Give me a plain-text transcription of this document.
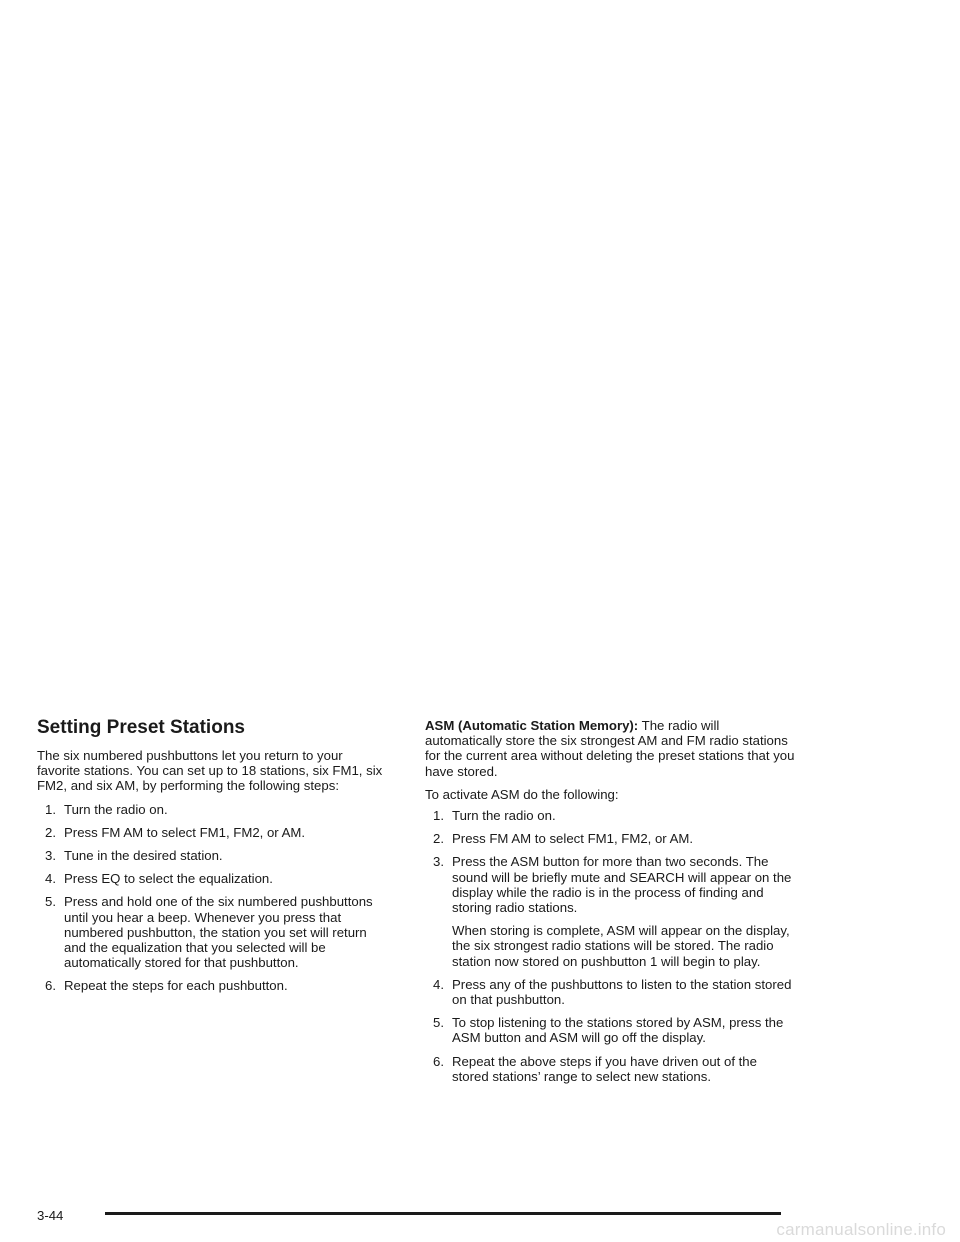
Setting Preset Stations

The six numbered pushbuttons let you return to your favorite stations. You can set up to 18 stations, six FM1, six FM2, and six AM, by performing the following steps:

1. Turn the radio on.
2. Press FM AM to select FM1, FM2, or AM.
3. Tune in the desired station.
4. Press EQ to select the equalization.
5. Press and hold one of the six numbered pushbuttons until you hear a beep. Whenever you press that numbered pushbutton, the station you set will return and the equalization that you selected will be automatically stored for that pushbutton.
6. Repeat the steps for each pushbutton.

ASM (Automatic Station Memory): The radio will automatically store the six strongest AM and FM radio stations for the current area without deleting the preset stations that you have stored.

To activate ASM do the following:

1. Turn the radio on.
2. Press FM AM to select FM1, FM2, or AM.
3. Press the ASM button for more than two seconds. The sound will be briefly mute and SEARCH will appear on the display while the radio is in the process of finding and storing radio stations.

When storing is complete, ASM will appear on the display, the six strongest radio stations will be stored. The radio station now stored on pushbutton 1 will begin to play.

4. Press any of the pushbuttons to listen to the station stored on that pushbutton.
5. To stop listening to the stations stored by ASM, press the ASM button and ASM will go off the display.
6. Repeat the above steps if you have driven out of the stored stations’ range to select new stations.
3-44
carmanualsonline.info
